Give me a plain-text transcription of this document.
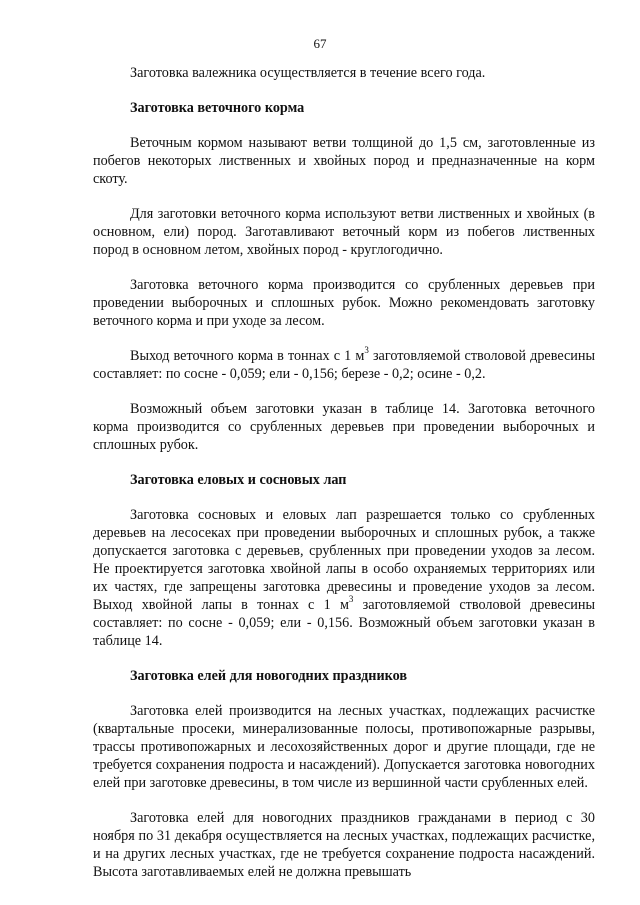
67

Заготовка валежника осуществляется в течение всего года.

Заготовка веточного корма

Веточным кормом называют ветви толщиной до 1,5 см, заготовленные из побегов некоторых лиственных и хвойных пород и предназначенные на корм скоту.

Для заготовки веточного корма используют ветви лиственных и хвойных (в основном, ели) пород. Заготавливают веточный корм из побегов лиственных пород в основном летом, хвойных пород - круглогодично.

Заготовка веточного корма производится со срубленных деревьев при проведении выборочных и сплошных рубок. Можно рекомендовать заготовку веточного корма и при уходе за лесом.

Выход веточного корма в тоннах с 1 $м^3$ заготовляемой стволовой древесины составляет: по сосне - 0,059; ели - 0,156; березе - 0,2; осине - 0,2.

Возможный объем заготовки указан в таблице 14. Заготовка веточного корма производится со срубленных деревьев при проведении выборочных и сплошных рубок.

Заготовка еловых и сосновых лап

Заготовка сосновых и еловых лап разрешается только со срубленных деревьев на лесосеках при проведении выборочных и сплошных рубок, а также допускается заготовка с деревьев, срубленных при проведении уходов за лесом. Не проектируется заготовка хвойной лапы в особо охраняемых территориях или их частях, где запрещены заготовка древесины и проведение уходов за лесом. Выход хвойной лапы в тоннах с 1 $м^3$ заготовляемой стволовой древесины составляет: по сосне - 0,059; ели - 0,156. Возможный объем заготовки указан в таблице 14.

Заготовка елей для новогодних праздников

Заготовка елей производится на лесных участках, подлежащих расчистке (квартальные просеки, минерализованные полосы, противопожарные разрывы, трассы противопожарных и лесохозяйственных дорог и другие площади, где не требуется сохранения подроста и насаждений). Допускается заготовка новогодних елей при заготовке древесины, в том числе из вершинной части срубленных елей.

Заготовка елей для новогодних праздников гражданами в период с 30 ноября по 31 декабря осуществляется на лесных участках, подлежащих расчистке, и на других лесных участках, где не требуется сохранение подроста насаждений. Высота заготавливаемых елей не должна превышать
